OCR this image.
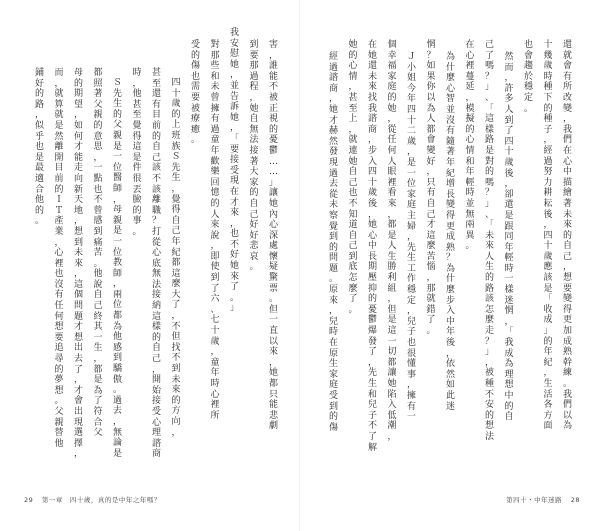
害
，
誰
能
不
被
正
視
的
憂
鬱
…
…
」
讓
她
內
心
深
處
懷
疑
驚
票
。
但
一
直
以
來
，
她
都
只
能
悲
劇
到
要
那
過
程
，
她
自
無
法
接
著
大
家
的
自
己
好
好
悲
哀
。
我
安
慰
她
，
並
告
訴
她
，
「
要
接
受
現
在
才
來
，
也
不
好
她
來
了
。
」
對
那
些
和
未
曾
擁
有
過
童
年
歡
樂
回
憶
的
人
來
說
，
即
使
到
了
六
、
七
十
歲
，
童
年
時
心
裡
所
受
的
傷
也
需
要
被
療
癒
。
四
十
歲
的
上
班
族
Ｓ
先
生
，
覺
得
自
己
年
紀
都
這
麼
大
了
，
不
但
找
不
到
未
來
的
方
向
，
甚
至
還
有
目
前
的
自
己
該
不
該
離
職
？
打
從
心
底
無
法
接
納
這
樣
的
自
己
，
開
始
接
受
心
理
諮
商
時
，
他
甚
至
覺
得
這
是
件
很
丟
臉
的
事
。
Ｓ
先
生
的
父
親
是
一
位
醫
師
，
母
親
是
一
位
教
師
，
兩
位
都
為
他
感
到
驕
傲
。
過
去
，
無
論
是
都
照
著
父
親
的
意
思
，
一
點
也
不
曾
感
到
痛
苦
。
他
說
自
己
終
其
一
生
，
都
是
為
了
符
合
父
母
的
期
望
，
如
何
才
能
走
向
新
天
地
，
想
到
未
來
，
這
個
問
題
才
想
出
去
了
，
才
會
出
現
選
擇
，
而
，
就
算
就
是
然
離
開
目
前
的
Ｉ
Ｔ
產
業
，
心
裡
也
沒
有
任
何
想
要
追
尋
的
夢
想
。
父
親
替
他
鋪
好
的
路
，
似
乎
也
是
最
適
合
他
的
。
29 第一章　四十歲，真的是中年之年嗎？
還
就
會
有
所
改
變
，
我
們
在
心
中
描
繪
著
未
來
的
自
己
，
想
要
變
得
更
加
成
熟
幹
練
。
我
們
以
為
十
幾
歲
時
種
下
的
種
子
，
經
過
努
力
耕
耘
後
，
四
十
歲
應
該
是
「
收
成
」
的
年
紀
，
生
活
各
方
面
也
會
趨
於
穩
定
。
然
而
，
許
多
人
到
了
四
十
歲
後
，
卻
還
是
跟
同
年
輕
時
一
樣
迷
惘
，
「
我
成
為
理
想
中
的
自
己
了
嗎
？
」
、
「
這
樣
路
是
對
的
嗎
？
」
、
「
未
來
人
生
的
路
該
怎
麼
走
？
」
，
被
種
不
安
的
想
法
在
心
裡
蔓
延
，
模
擬
的
心
情
和
年
輕
時
並
無
兩
異
。
為
什
麼
心
智
並
沒
有
隨
著
年
紀
增
長
變
得
更
成
熟
？
為
什
麼
步
入
中
年
後
，
依
然
如
此
迷
惘
？
如
果
你
以
為
人
都
會
變
好
，
只
有
自
己
才
這
麼
苦
惱
，
那
就
錯
了
。
Ｊ
小
姐
今
年
四
十
二
歲
，
是
一
位
家
庭
主
婦
，
先
生
工
作
穩
定
，
兒
子
也
很
懂
事
，
擁
有
一
個
幸
福
家
庭
的
她
，
從
任
何
人
眼
裡
看
來
，
都
是
人
生
勝
利
組
，
但
是
這
一
切
都
讓
她
陷
入
低
潮
，
在
她
還
未
來
找
我
諮
商
，
步
入
四
十
歲
後
，
她
心
中
長
期
壓
抑
的
憂
鬱
爆
發
了
，
先
生
和
兒
子
不
了
解
她
的
心
情
，
甚
至
上
，
就
連
她
自
己
也
不
知
道
自
己
到
底
怎
麼
了
。
經
過
諮
商
，
她
才
赫
然
發
現
過
去
從
未
察
覺
到
的
問
題
。
原
來
，
兒
時
在
原
生
家
庭
受
到
的
傷
第四十・中年迷路 28
